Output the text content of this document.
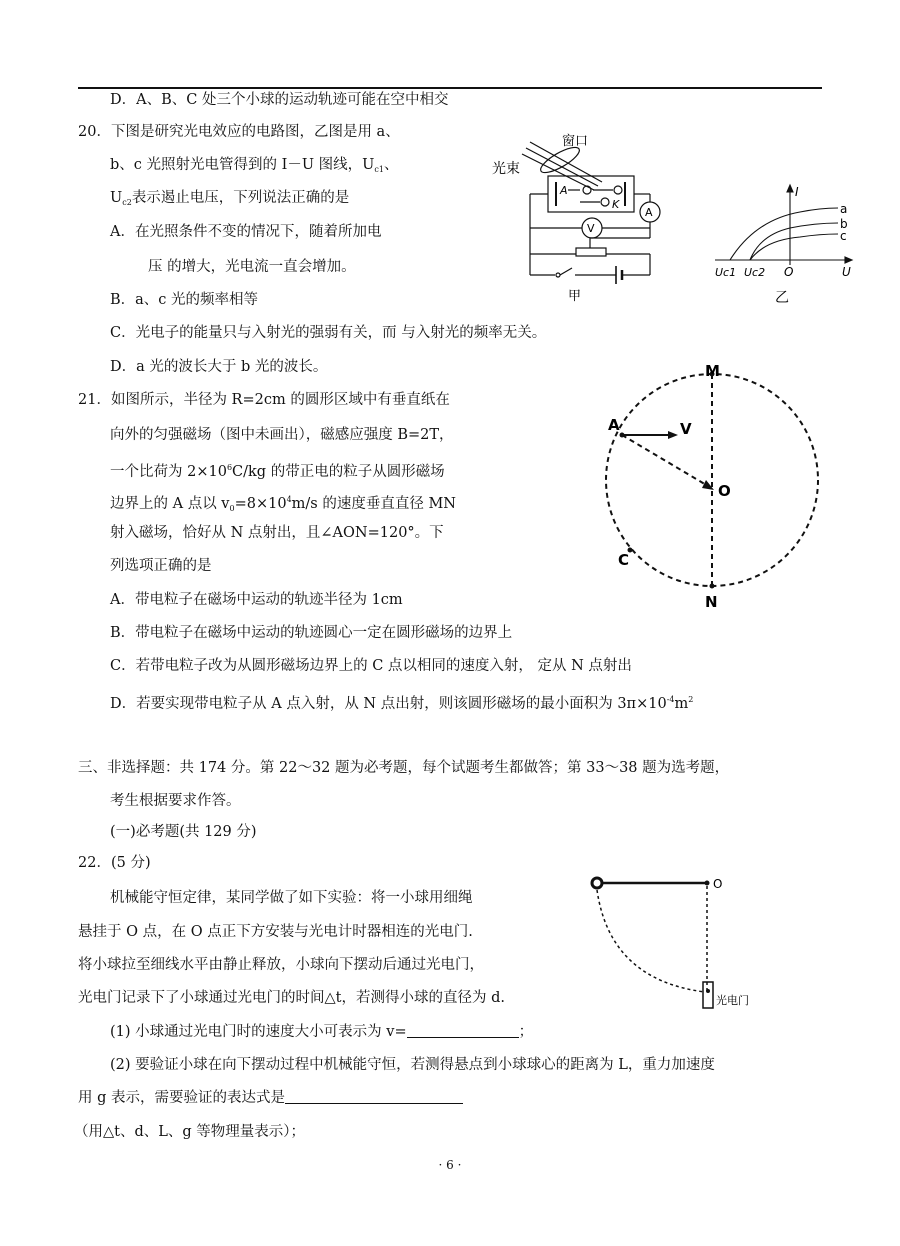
D．A、B、C 处三个小球的运动轨迹可能在空中相交
20．下图是研究光电效应的电路图，乙图是用 a、
b、c 光照射光电管得到的 I－U 图线，$U_{c1}$、
$U_{c2}$表示遏止电压，下列说法正确的是
A．在光照条件不变的情况下，随着所加电
压 的增大，光电流一直会增加。
B．a、c 光的频率相等
C．光电子的能量只与入射光的强弱有关，而 与入射光的频率无关。
D．a 光的波长大于 b 光的波长。
窗口
光束
A
K
A
V
甲
I
U
O
Uc1 Uc2
a
b
c
乙
21．如图所示，半径为 R=2cm 的圆形区域中有垂直纸在
向外的匀强磁场（图中未画出），磁感应强度 B=2T，
一个比荷为 $2\times 10^6C/kg$ 的带正电的粒子从圆形磁场
边界上的 A 点以 $v_0=8\times 10^4m/s$ 的速度垂直直径 MN
射入磁场，恰好从 N 点射出，且∠AON=120°。下
列选项正确的是
A．带电粒子在磁场中运动的轨迹半径为 1cm
B．带电粒子在磁场中运动的轨迹圆心一定在圆形磁场的边界上
C．若带电粒子改为从圆形磁场边界上的 C 点以相同的速度入射， 定从 N 点射出
D．若要实现带电粒子从 A 点入射，从 N 点出射，则该圆形磁场的最小面积为 $3\pi\times 10^{-4}m^2$
M
N
A
O
C
V
三、非选择题：共 174 分。第 22～32 题为必考题，每个试题考生都做答；第 33～38 题为选考题，
考生根据要求作答。
(一)必考题(共 129 分)
22．(5 分)
机械能守恒定律，某同学做了如下实验：将一小球用细绳
悬挂于 O 点，在 O 点正下方安装与光电计时器相连的光电门.
将小球拉至细线水平由静止释放，小球向下摆动后通过光电门，
光电门记录下了小球通过光电门的时间△t，若测得小球的直径为 d.
(1) 小球通过光电门时的速度大小可表示为 v=	；
(2) 要验证小球在向下摆动过程中机械能守恒，若测得悬点到小球球心的距离为 L，重力加速度
用 g 表示，需要验证的表达式是
（用△t、d、L、g 等物理量表示）；
O
光电门
· 6 ·
